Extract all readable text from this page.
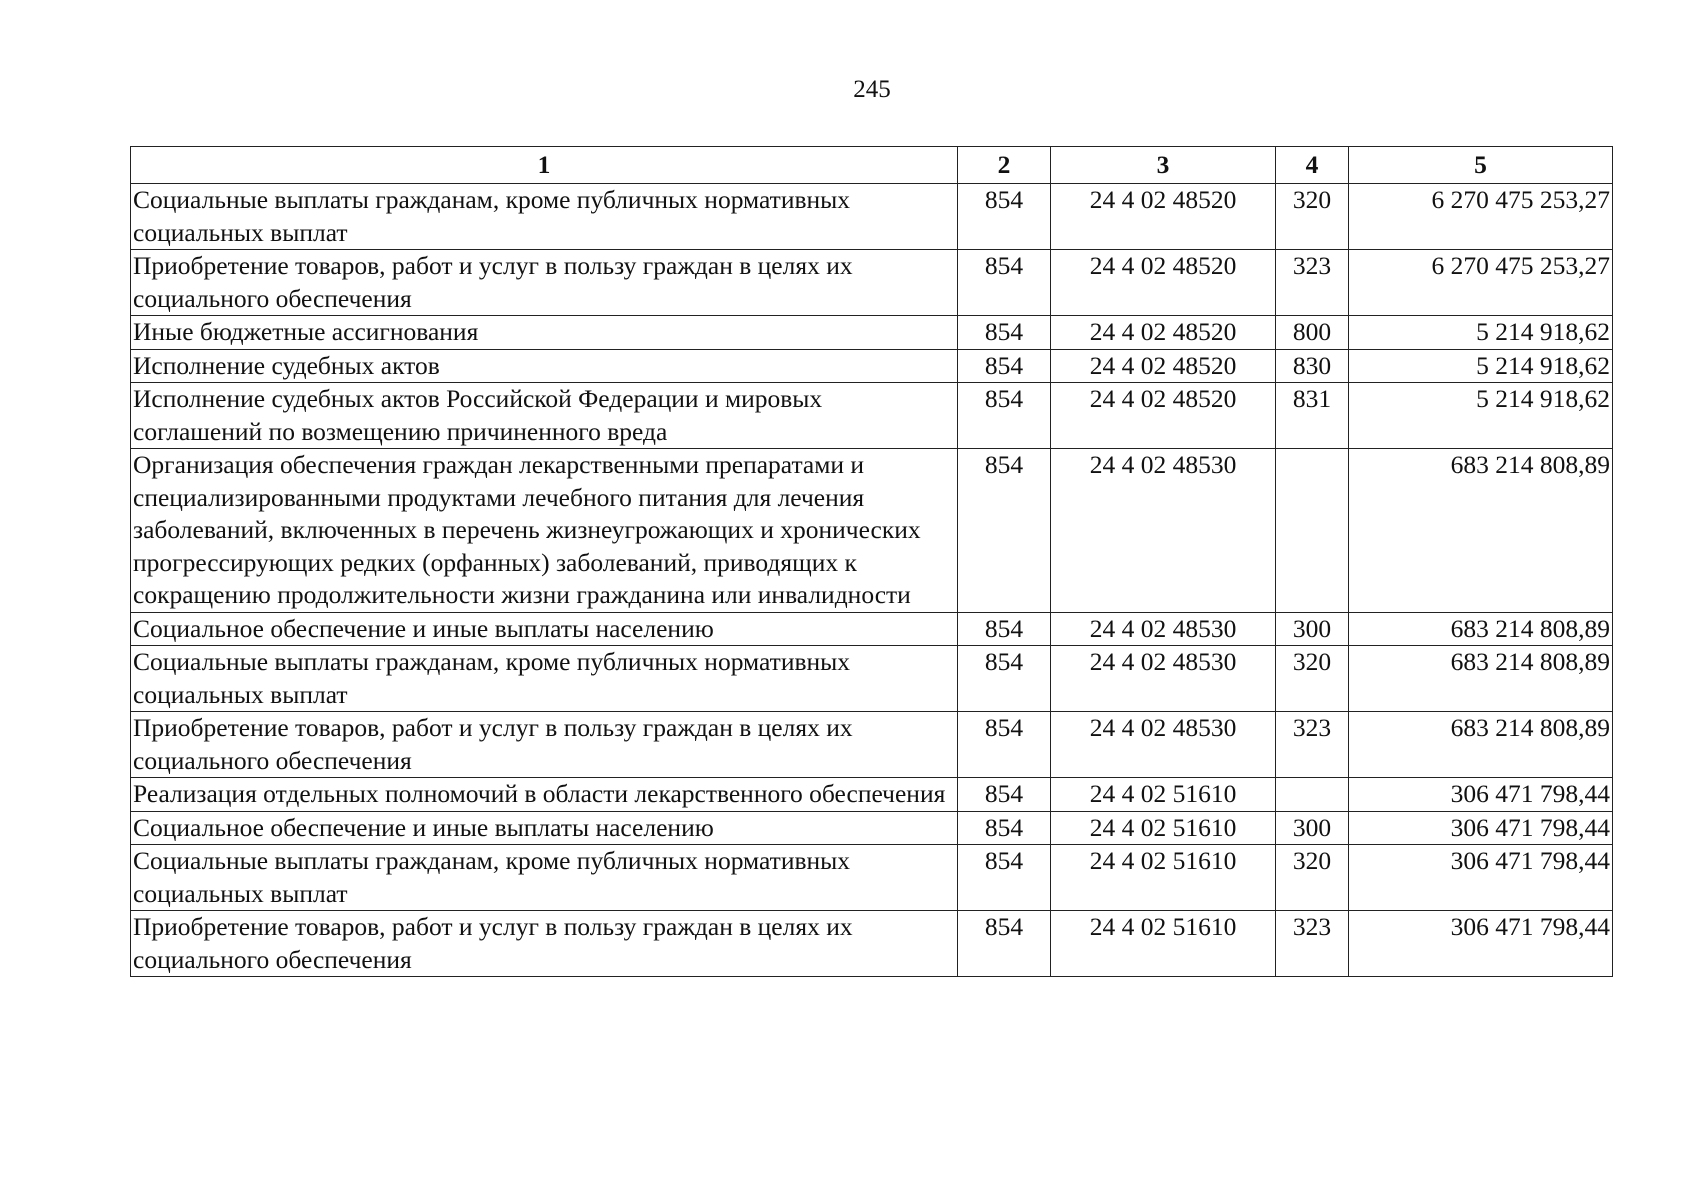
245
1	2	3	4	5
Социальные выплаты гражданам, кроме публичных нормативных социальных выплат	854	24 4 02 48520	320	6 270 475 253,27
Приобретение товаров, работ и услуг в пользу граждан в целях их социального обеспечения	854	24 4 02 48520	323	6 270 475 253,27
Иные бюджетные ассигнования	854	24 4 02 48520	800	5 214 918,62
Исполнение судебных актов	854	24 4 02 48520	830	5 214 918,62
Исполнение судебных актов Российской Федерации и мировых соглашений по возмещению причиненного вреда	854	24 4 02 48520	831	5 214 918,62
Организация обеспечения граждан лекарственными препаратами и специализированными продуктами лечебного питания для лечения заболеваний, включенных в перечень жизнеугрожающих и хронических прогрессирующих редких (орфанных) заболеваний, приводящих к сокращению продолжительности жизни гражданина или инвалидности	854	24 4 02 48530		683 214 808,89
Социальное обеспечение и иные выплаты населению	854	24 4 02 48530	300	683 214 808,89
Социальные выплаты гражданам, кроме публичных нормативных социальных выплат	854	24 4 02 48530	320	683 214 808,89
Приобретение товаров, работ и услуг в пользу граждан в целях их социального обеспечения	854	24 4 02 48530	323	683 214 808,89
Реализация отдельных полномочий в области лекарственного обеспечения	854	24 4 02 51610		306 471 798,44
Социальное обеспечение и иные выплаты населению	854	24 4 02 51610	300	306 471 798,44
Социальные выплаты гражданам, кроме публичных нормативных социальных выплат	854	24 4 02 51610	320	306 471 798,44
Приобретение товаров, работ и услуг в пользу граждан в целях их социального обеспечения	854	24 4 02 51610	323	306 471 798,44
